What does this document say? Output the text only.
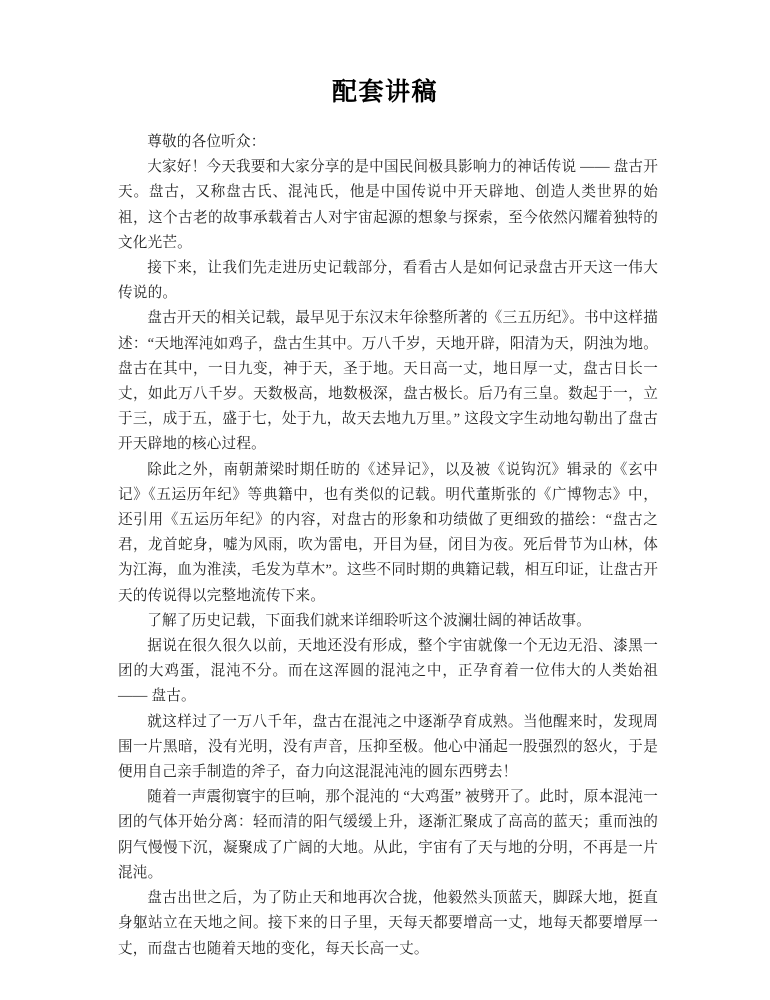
配套讲稿

尊敬的各位听众：

大家好！今天我要和大家分享的是中国民间极具影响力的神话传说 —— 盘古开天。盘古，又称盘古氏、混沌氏，他是中国传说中开天辟地、创造人类世界的始祖，这个古老的故事承载着古人对宇宙起源的想象与探索，至今依然闪耀着独特的文化光芒。

接下来，让我们先走进历史记载部分，看看古人是如何记录盘古开天这一伟大传说的。

盘古开天的相关记载，最早见于东汉末年徐整所著的《三五历纪》。书中这样描述：“天地浑沌如鸡子，盘古生其中。万八千岁，天地开辟，阳清为天，阴浊为地。盘古在其中，一日九变，神于天，圣于地。天日高一丈，地日厚一丈，盘古日长一丈，如此万八千岁。天数极高，地数极深，盘古极长。后乃有三皇。数起于一，立于三，成于五，盛于七，处于九，故天去地九万里。” 这段文字生动地勾勒出了盘古开天辟地的核心过程。

除此之外，南朝萧梁时期任昉的《述异记》，以及被《说钩沉》辑录的《玄中记》《五运历年纪》等典籍中，也有类似的记载。明代董斯张的《广博物志》中，还引用《五运历年纪》的内容，对盘古的形象和功绩做了更细致的描绘：“盘古之君，龙首蛇身，嘘为风雨，吹为雷电，开目为昼，闭目为夜。死后骨节为山林，体为江海，血为淮渎，毛发为草木”。这些不同时期的典籍记载，相互印证，让盘古开天的传说得以完整地流传下来。

了解了历史记载，下面我们就来详细聆听这个波澜壮阔的神话故事。

据说在很久很久以前，天地还没有形成，整个宇宙就像一个无边无沿、漆黑一团的大鸡蛋，混沌不分。而在这浑圆的混沌之中，正孕育着一位伟大的人类始祖 —— 盘古。

就这样过了一万八千年，盘古在混沌之中逐渐孕育成熟。当他醒来时，发现周围一片黑暗，没有光明，没有声音，压抑至极。他心中涌起一股强烈的怒火，于是便用自己亲手制造的斧子，奋力向这混混沌沌的圆东西劈去！

随着一声震彻寰宇的巨响，那个混沌的 “大鸡蛋” 被劈开了。此时，原本混沌一团的气体开始分离：轻而清的阳气缓缓上升，逐渐汇聚成了高高的蓝天；重而浊的阴气慢慢下沉，凝聚成了广阔的大地。从此，宇宙有了天与地的分明，不再是一片混沌。

盘古出世之后，为了防止天和地再次合拢，他毅然头顶蓝天，脚踩大地，挺直身躯站立在天地之间。接下来的日子里，天每天都要增高一丈，地每天都要增厚一丈，而盘古也随着天地的变化，每天长高一丈。
